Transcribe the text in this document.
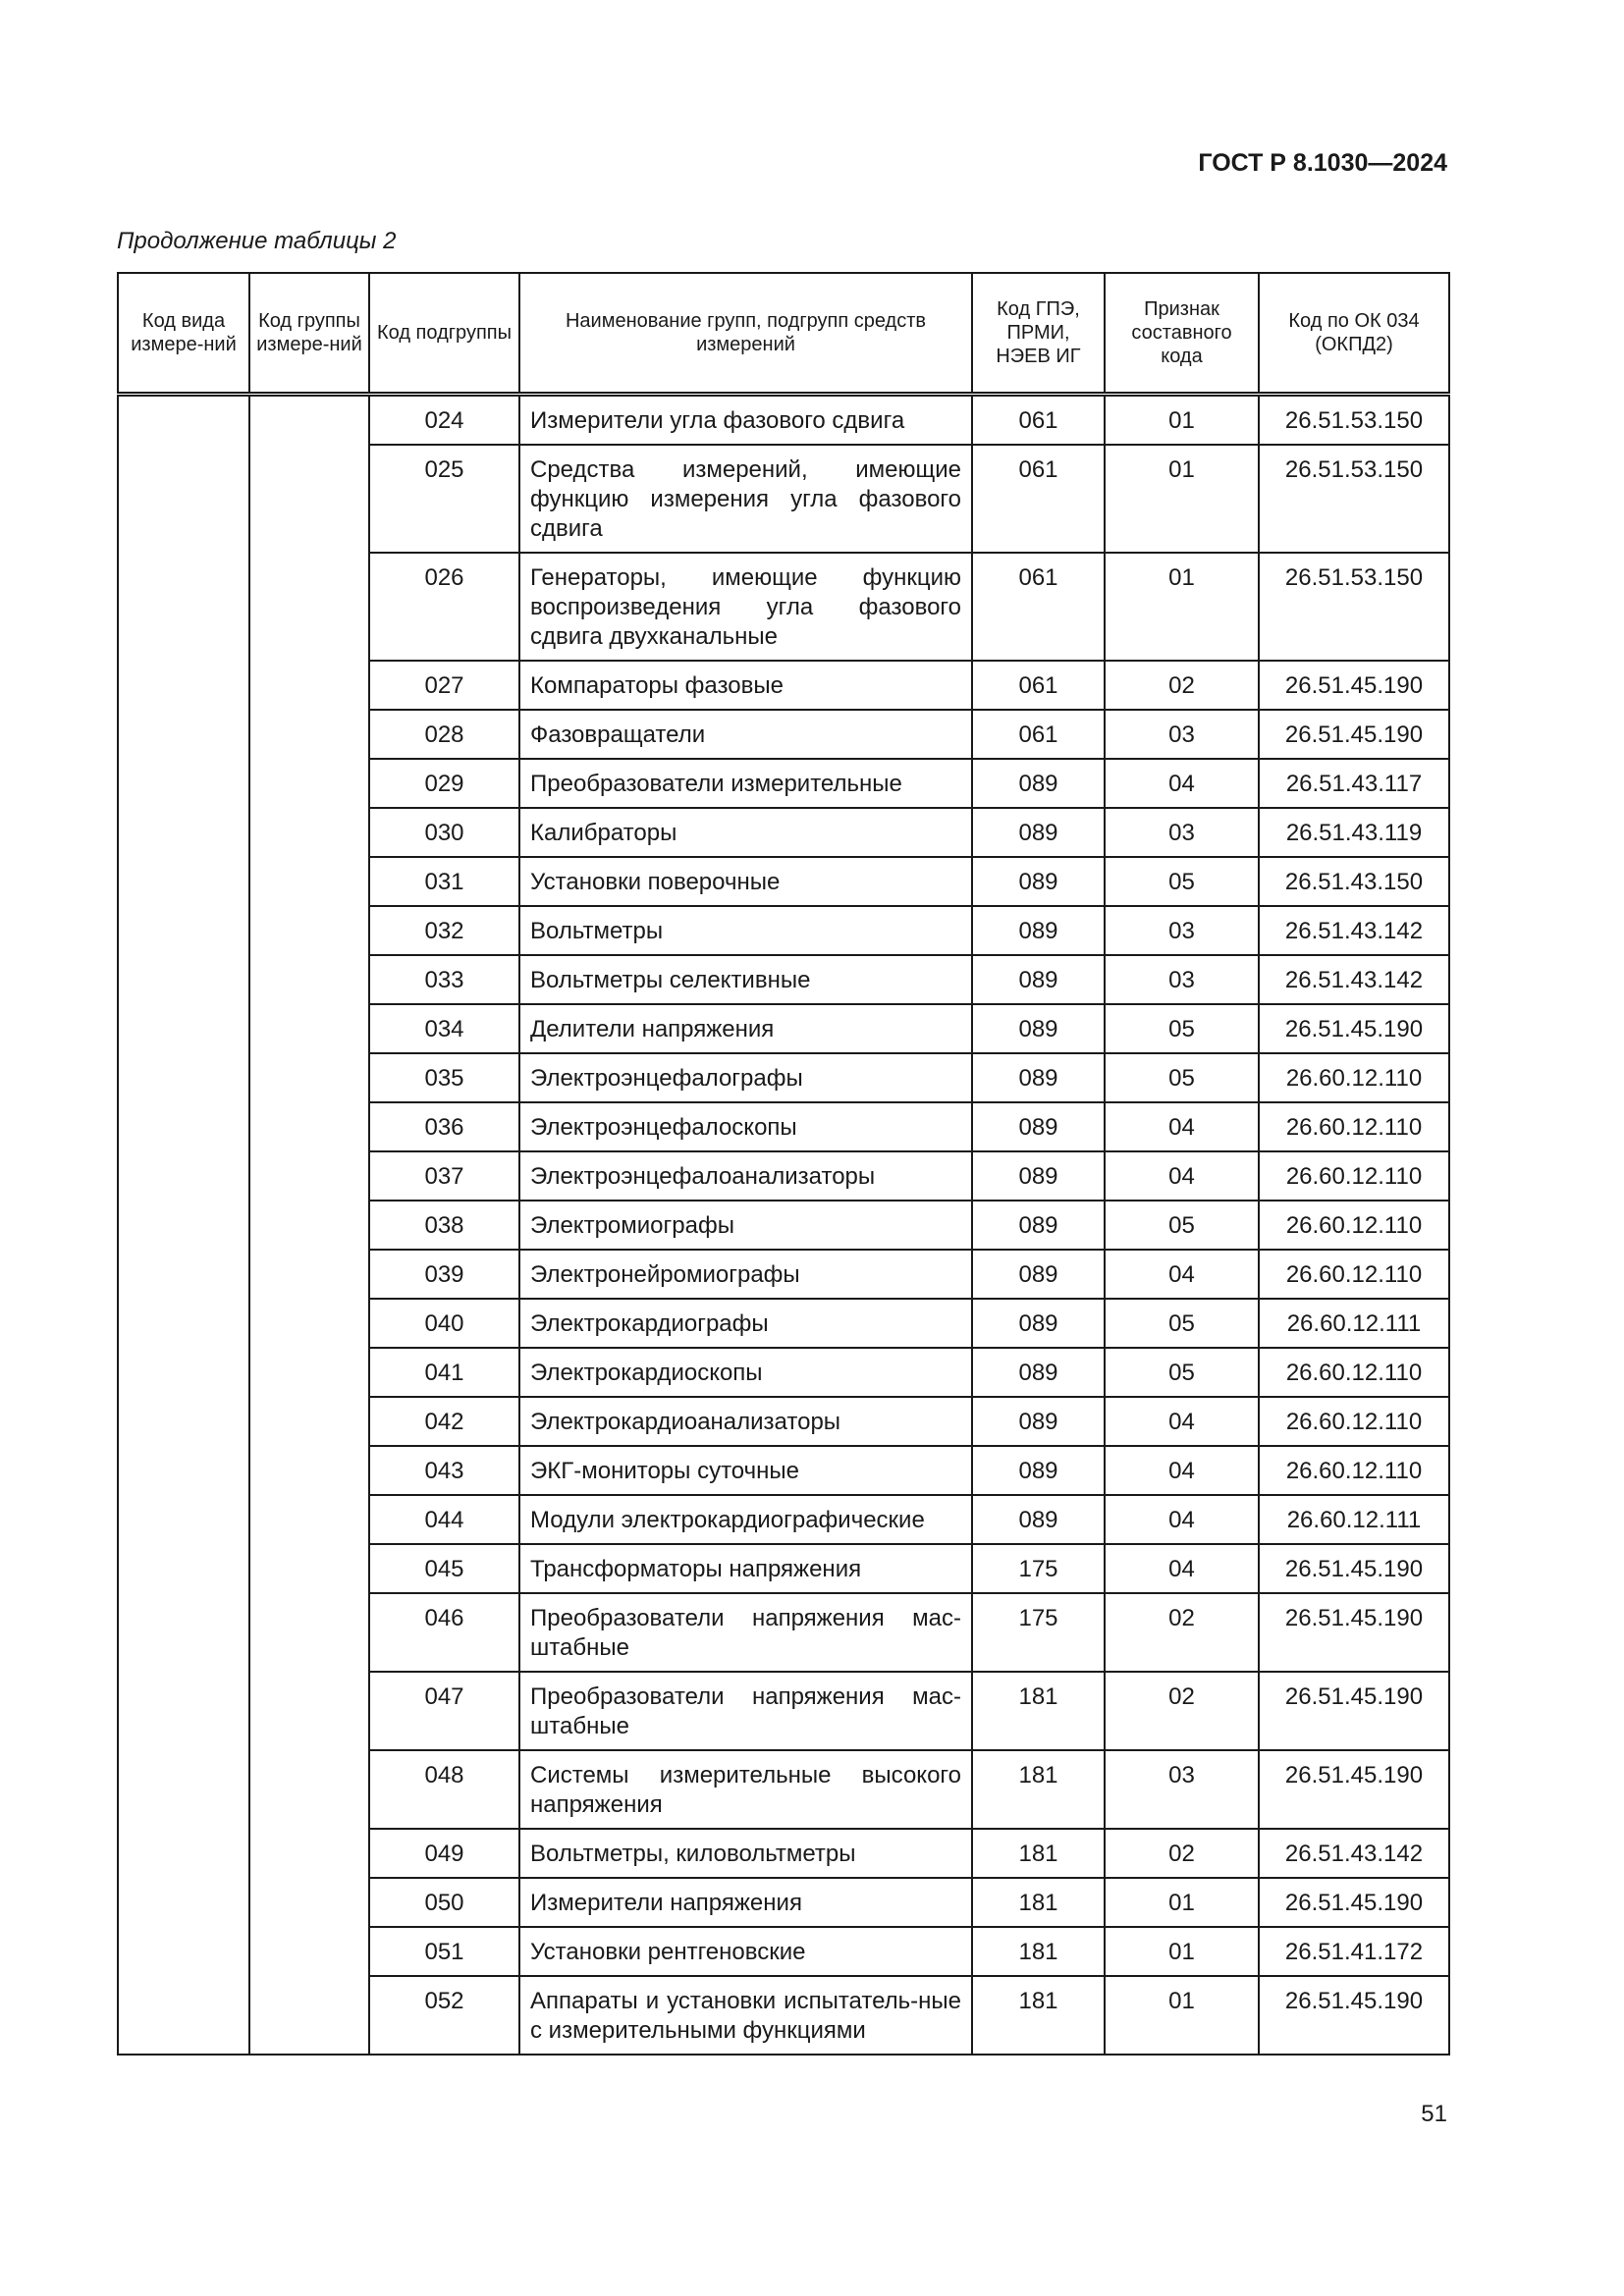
ГОСТ Р 8.1030—2024
Продолжение таблицы 2
Код вида измере-ний	Код группы измере-ний	Код подгруппы	Наименование групп, подгрупп средств измерений	Код ГПЭ, ПРМИ, НЭЕВ ИГ	Признак составного кода	Код по ОК 034 (ОКПД2)
		024	Измерители угла фазового сдвига	061	01	26.51.53.150
		025	Средства измерений, имеющие функцию измерения угла фазового сдвига	061	01	26.51.53.150
		026	Генераторы, имеющие функцию воспроизведения угла фазового сдвига двухканальные	061	01	26.51.53.150
		027	Компараторы фазовые	061	02	26.51.45.190
		028	Фазовращатели	061	03	26.51.45.190
		029	Преобразователи измерительные	089	04	26.51.43.117
		030	Калибраторы	089	03	26.51.43.119
		031	Установки поверочные	089	05	26.51.43.150
		032	Вольтметры	089	03	26.51.43.142
		033	Вольтметры селективные	089	03	26.51.43.142
		034	Делители напряжения	089	05	26.51.45.190
		035	Электроэнцефалографы	089	05	26.60.12.110
		036	Электроэнцефалоскопы	089	04	26.60.12.110
		037	Электроэнцефалоанализаторы	089	04	26.60.12.110
		038	Электромиографы	089	05	26.60.12.110
		039	Электронейромиографы	089	04	26.60.12.110
		040	Электрокардиографы	089	05	26.60.12.111
		041	Электрокардиоскопы	089	05	26.60.12.110
		042	Электрокардиоанализаторы	089	04	26.60.12.110
		043	ЭКГ-мониторы суточные	089	04	26.60.12.110
		044	Модули электрокардиографические	089	04	26.60.12.111
		045	Трансформаторы напряжения	175	04	26.51.45.190
		046	Преобразователи напряжения мас-штабные	175	02	26.51.45.190
		047	Преобразователи напряжения мас-штабные	181	02	26.51.45.190
		048	Системы измерительные высокого напряжения	181	03	26.51.45.190
		049	Вольтметры, киловольтметры	181	02	26.51.43.142
		050	Измерители напряжения	181	01	26.51.45.190
		051	Установки рентгеновские	181	01	26.51.41.172
		052	Аппараты и установки испытатель-ные с измерительными функциями	181	01	26.51.45.190
51
